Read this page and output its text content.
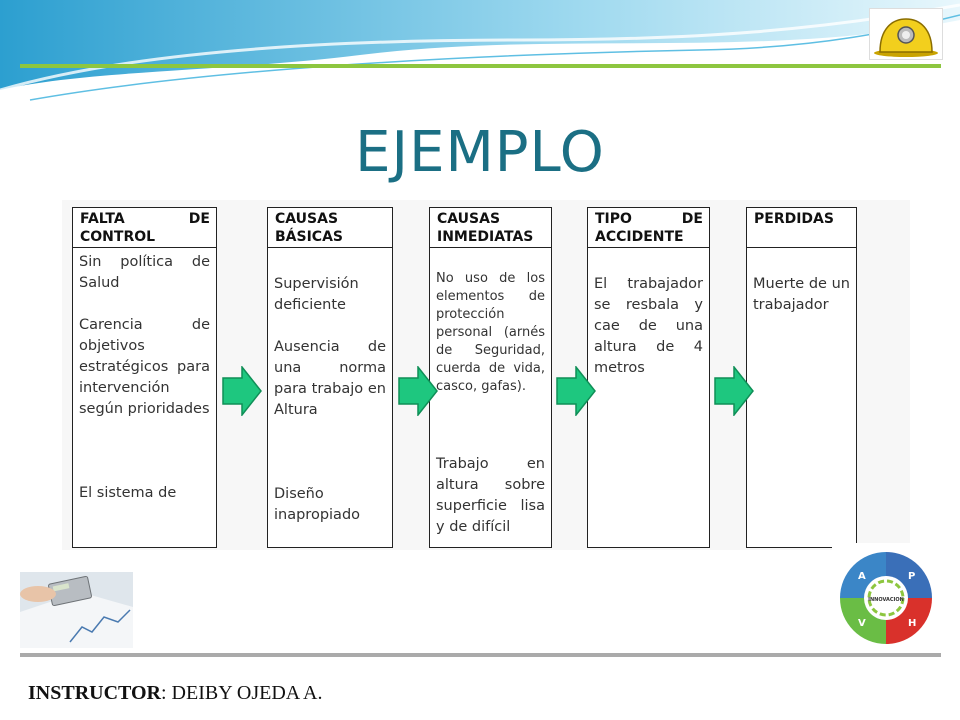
EJEMPLO
FALTA DE CONTROL

Sin política de Salud

Carencia de objetivos estratégicos para intervención según prioridades

El sistema de

CAUSAS BÁSICAS

Supervisión deficiente

Ausencia de una norma para trabajo en Altura

Diseño inapropiado

CAUSAS INMEDIATAS

No uso de los elementos de protección personal (arnés de Seguridad, cuerda de vida, casco, gafas).

Trabajo en altura sobre superficie lisa y de difícil

TIPO DE ACCIDENTE

El trabajador se resbala y cae de una altura de 4 metros

PERDIDAS

Muerte de un trabajador

A	P
V	H
INNOVACION
INSTRUCTOR: DEIBY OJEDA A.
